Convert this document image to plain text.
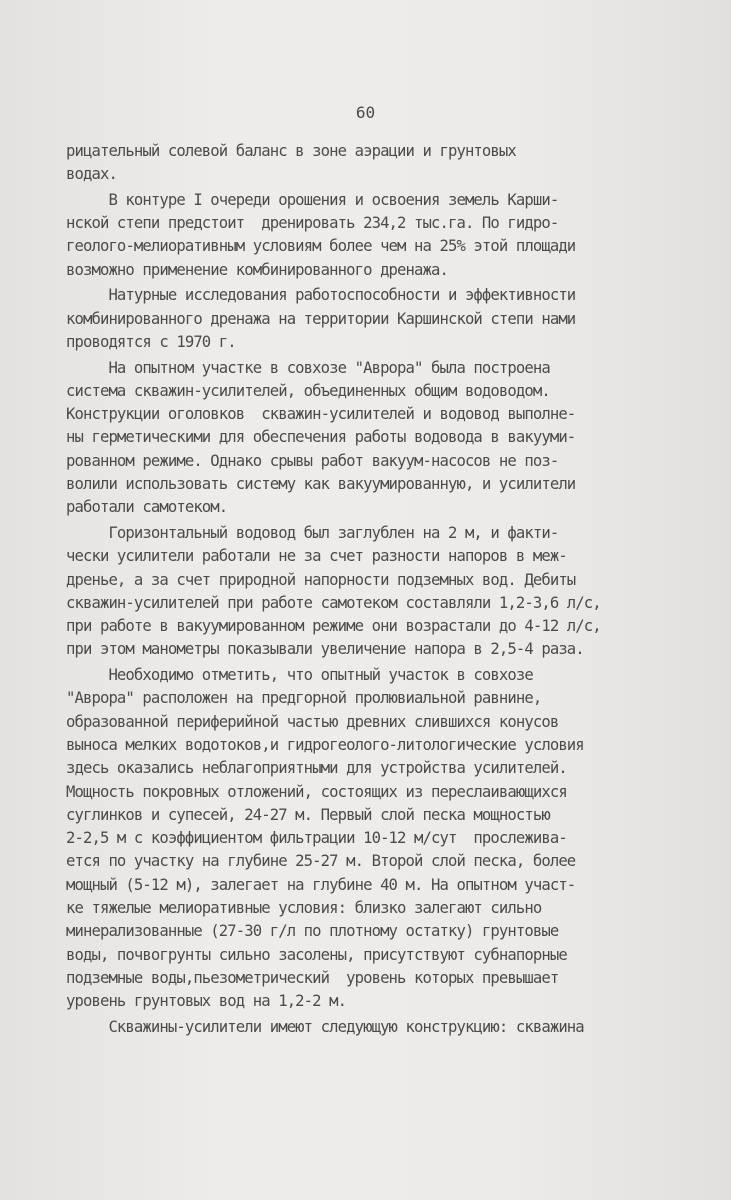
60
рицательный солевой баланс в зоне аэрации и грунтовых
водах.
В контуре I очереди орошения и освоения земель Карши-
нской степи предстоит  дренировать 234,2 тыс.га. По гидро-
геолого-мелиоративным условиям более чем на 25% этой площади
возможно применение комбинированного дренажа.
Натурные исследования работоспособности и эффективности
комбинированного дренажа на территории Каршинской степи нами
проводятся с 1970 г.
На опытном участке в совхозе "Аврора" была построена
система скважин-усилителей, объединенных общим водоводом.
Конструкции оголовков  скважин-усилителей и водовод выполне-
ны герметическими для обеспечения работы водовода в вакууми-
рованном режиме. Однако срывы работ вакуум-насосов не поз-
волили использовать систему как вакуумированную, и усилители
работали самотеком.
Горизонтальный водовод был заглублен на 2 м, и факти-
чески усилители работали не за счет разности напоров в меж-
дренье, а за счет природной напорности подземных вод. Дебиты
скважин-усилителей при работе самотеком составляли 1,2-3,6 л/с,
при работе в вакуумированном режиме они возрастали до 4-12 л/с,
при этом манометры показывали увеличение напора в 2,5-4 раза.
Необходимо отметить, что опытный участок в совхозе
"Аврора" расположен на предгорной пролювиальной равнине,
образованной периферийной частью древних слившихся конусов
выноса мелких водотоков,и гидрогеолого-литологические условия
здесь оказались неблагоприятными для устройства усилителей.
Мощность покровных отложений, состоящих из переслаивающихся
суглинков и супесей, 24-27 м. Первый слой песка мощностью
2-2,5 м с коэффициентом фильтрации 10-12 м/сут  прослежива-
ется по участку на глубине 25-27 м. Второй слой песка, более
мощный (5-12 м), залегает на глубине 40 м. На опытном участ-
ке тяжелые мелиоративные условия: близко залегают сильно
минерализованные (27-30 г/л по плотному остатку) грунтовые
воды, почвогрунты сильно засолены, присутствуют субнапорные
подземные воды,пьезометрический  уровень которых превышает
уровень грунтовых вод на 1,2-2 м.
Скважины-усилители имеют следующую конструкцию: скважина
